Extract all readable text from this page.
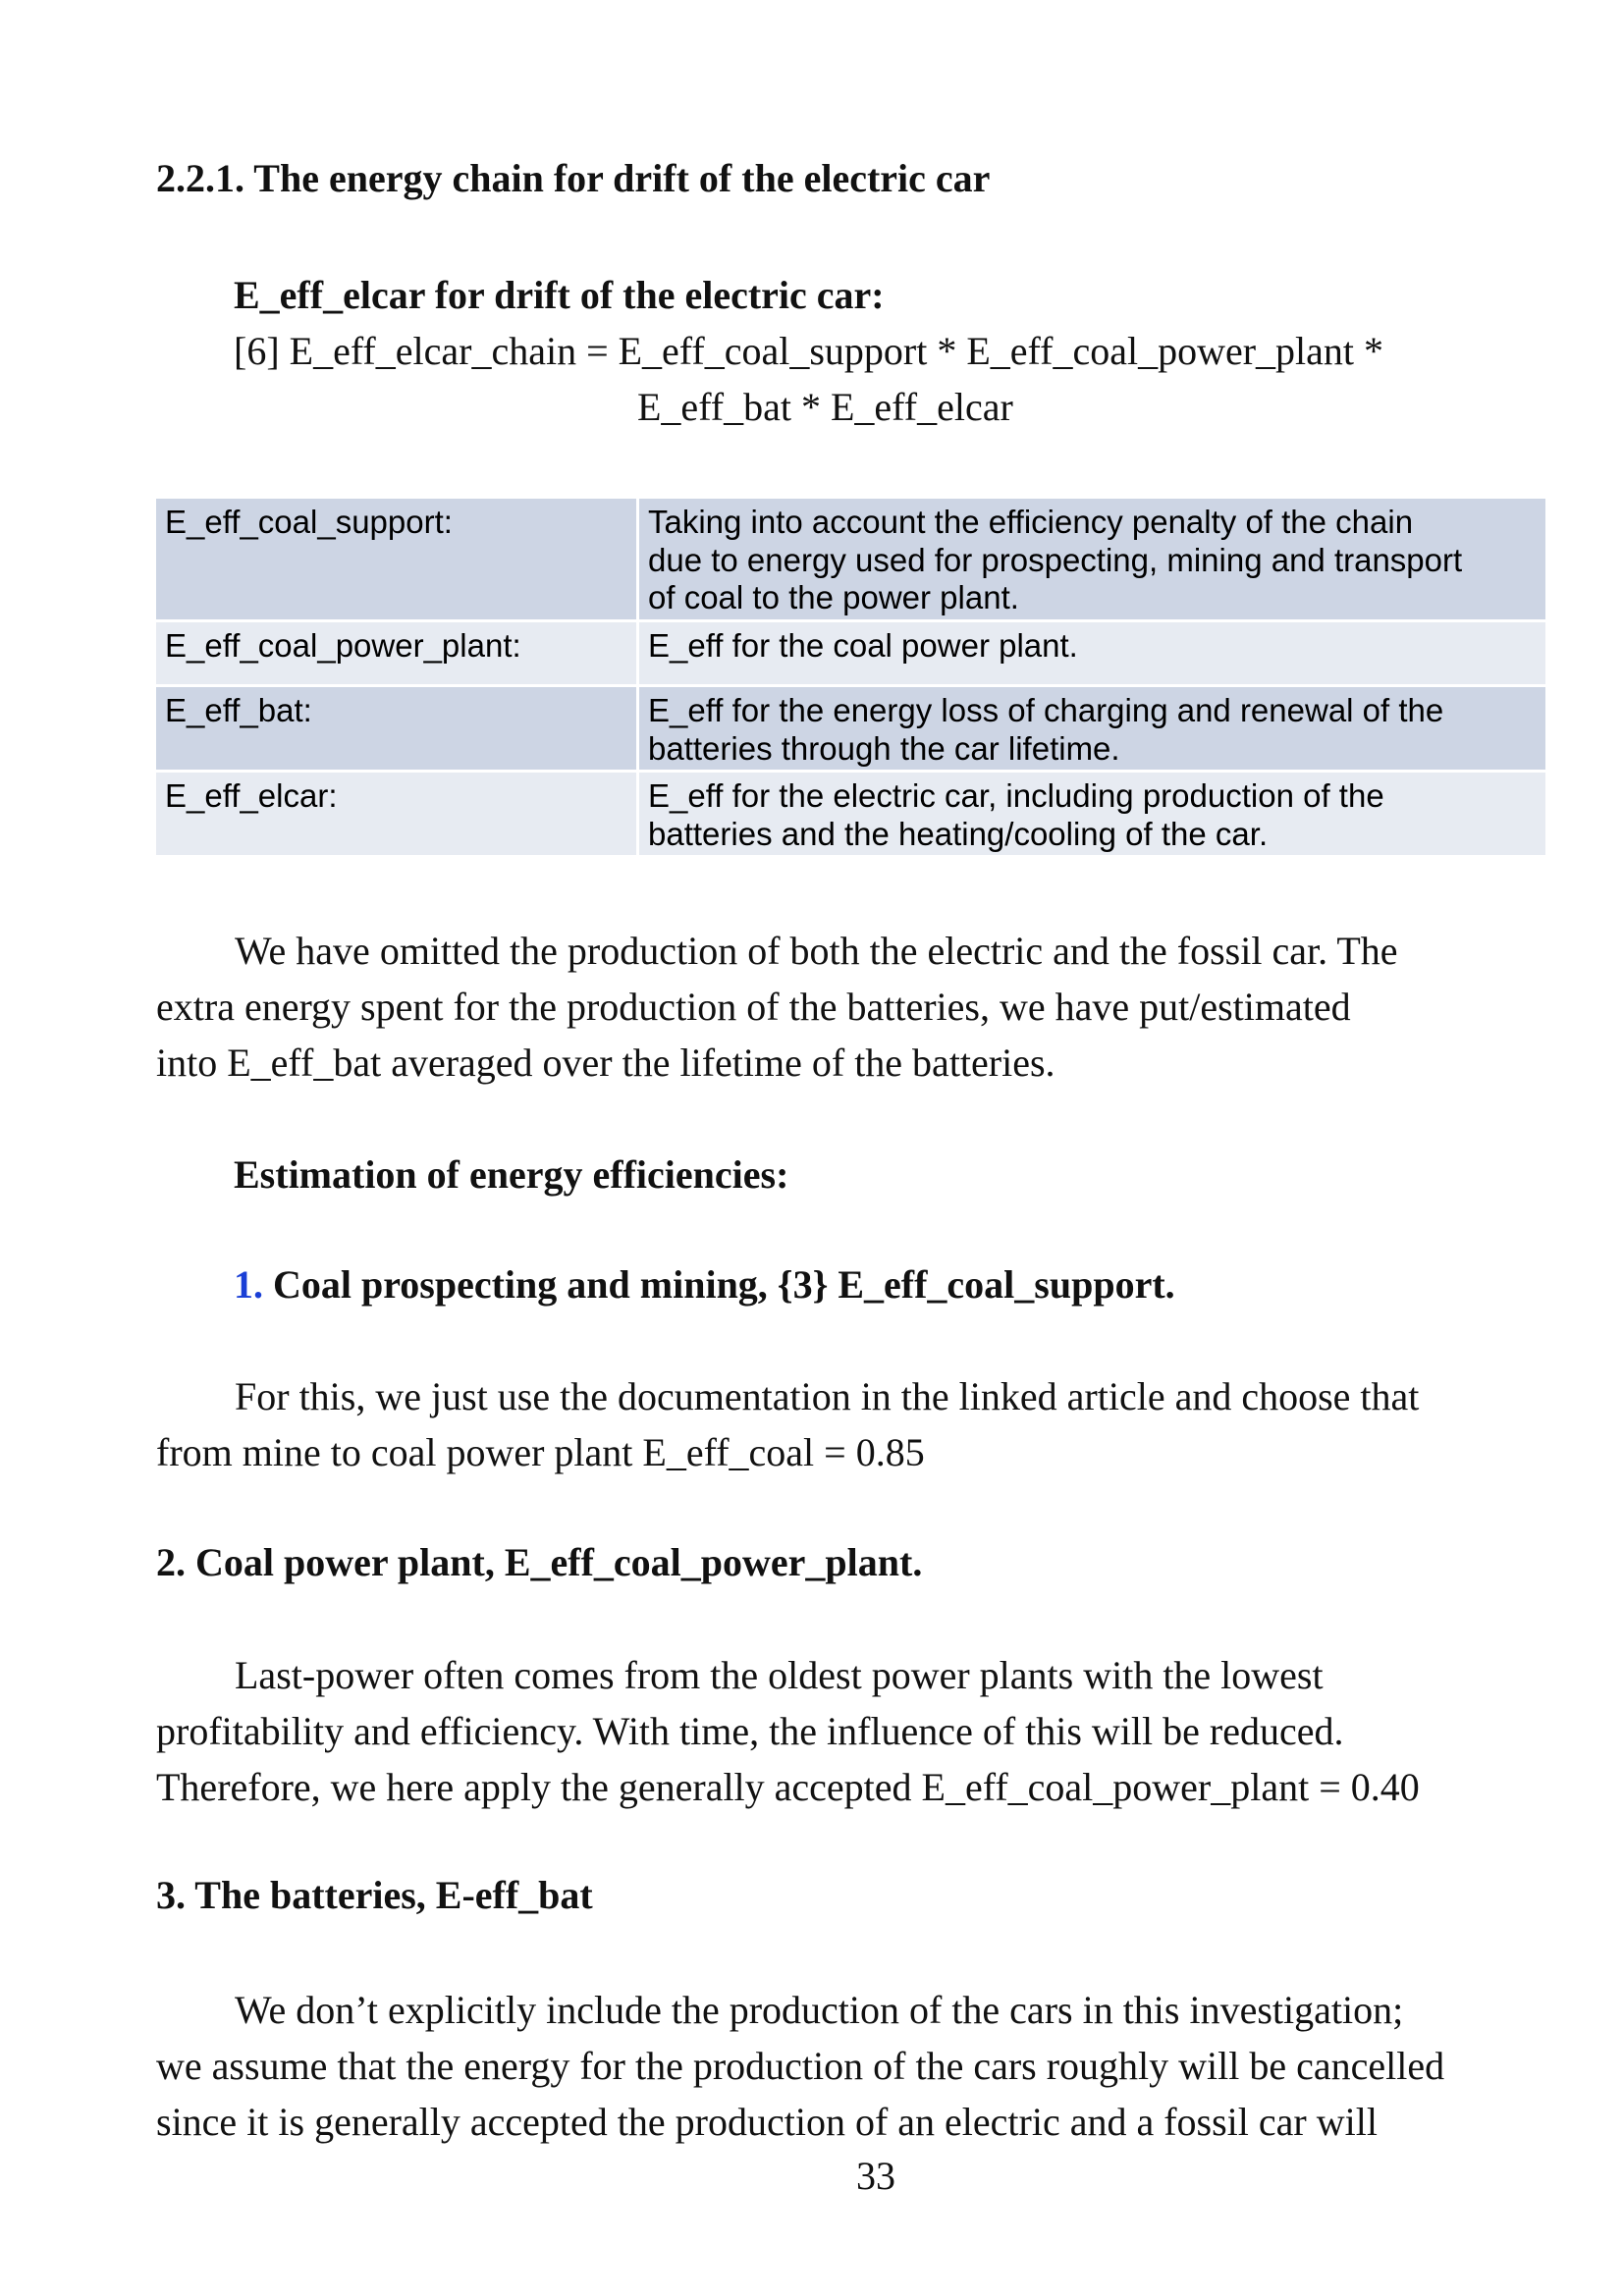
2.2.1. The energy chain for drift of the electric car
E_eff_elcar for drift of the electric car:
[6] E_eff_elcar_chain = E_eff_coal_support * E_eff_coal_power_plant *
E_eff_bat * E_eff_elcar
E_eff_coal_support:	Taking into account the efficiency penalty of the chain
due to energy used for prospecting, mining and transport
of coal to the power plant.

E_eff_coal_power_plant:	E_eff for the coal power plant.

E_eff_bat:	E_eff for the energy loss of charging and renewal of the
batteries through the car lifetime.

E_eff_elcar:	E_eff for the electric car, including production of the
batteries and the heating/cooling of the car.
We have omitted the production of both the electric and the fossil car. The
extra energy spent for the production of the batteries, we have put/estimated
into E_eff_bat averaged over the lifetime of the batteries.
Estimation of energy efficiencies:
1. Coal prospecting and mining, {3} E_eff_coal_support.
For this, we just use the documentation in the linked article and choose that
from mine to coal power plant E_eff_coal = 0.85
2. Coal power plant, E_eff_coal_power_plant.
Last-power often comes from the oldest power plants with the lowest
profitability and efficiency. With time, the influence of this will be reduced.
Therefore, we here apply the generally accepted E_eff_coal_power_plant = 0.40
3. The batteries, E-eff_bat
We don’t explicitly include the production of the cars in this investigation;
we assume that the energy for the production of the cars roughly will be cancelled
since it is generally accepted the production of an electric and a fossil car will
33
